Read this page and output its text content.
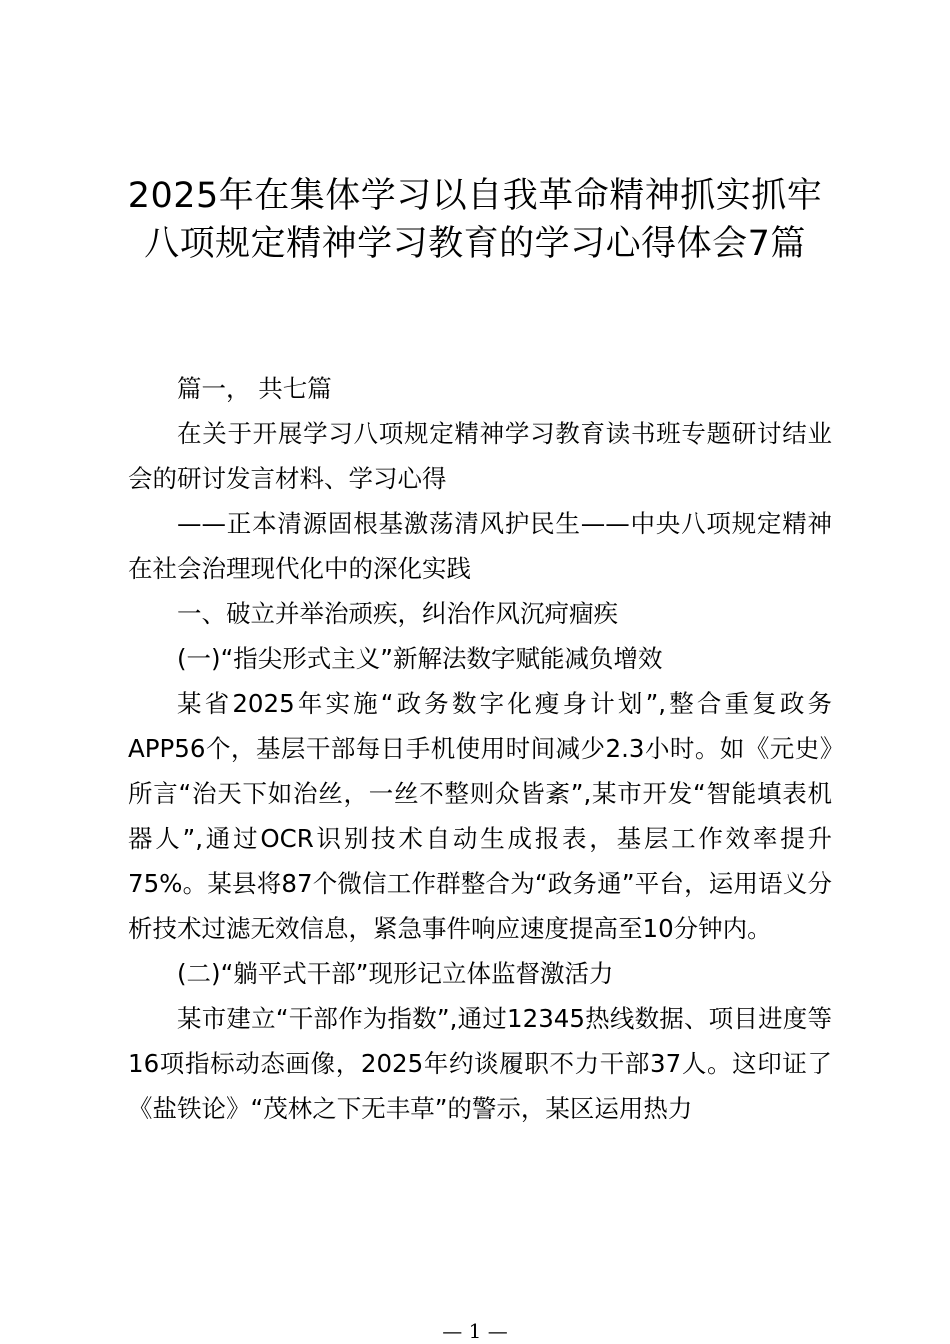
2025年在集体学习以自我革命精神抓实抓牢
八项规定精神学习教育的学习心得体会7篇

篇一， 共七篇

在关于开展学习八项规定精神学习教育读书班专题研讨结业会的研讨发言材料、学习心得

——正本清源固根基激荡清风护民生——中央八项规定精神在社会治理现代化中的深化实践

一、破立并举治顽疾，纠治作风沉疴痼疾

(一)“指尖形式主义”新解法数字赋能减负增效

某省2025年实施“政务数字化瘦身计划”,整合重复政务APP56个，基层干部每日手机使用时间减少2.3小时。如《元史》所言“治天下如治丝，一丝不整则众皆紊”,某市开发“智能填表机器人”,通过OCR识别技术自动生成报表，基层工作效率提升75%。某县将87个微信工作群整合为“政务通”平台，运用语义分析技术过滤无效信息，紧急事件响应速度提高至10分钟内。

(二)“躺平式干部”现形记立体监督激活力

某市建立“干部作为指数”,通过12345热线数据、项目进度等16项指标动态画像，2025年约谈履职不力干部37人。这印证了《盐铁论》“茂林之下无丰草”的警示，某区运用热力

— 1 —
